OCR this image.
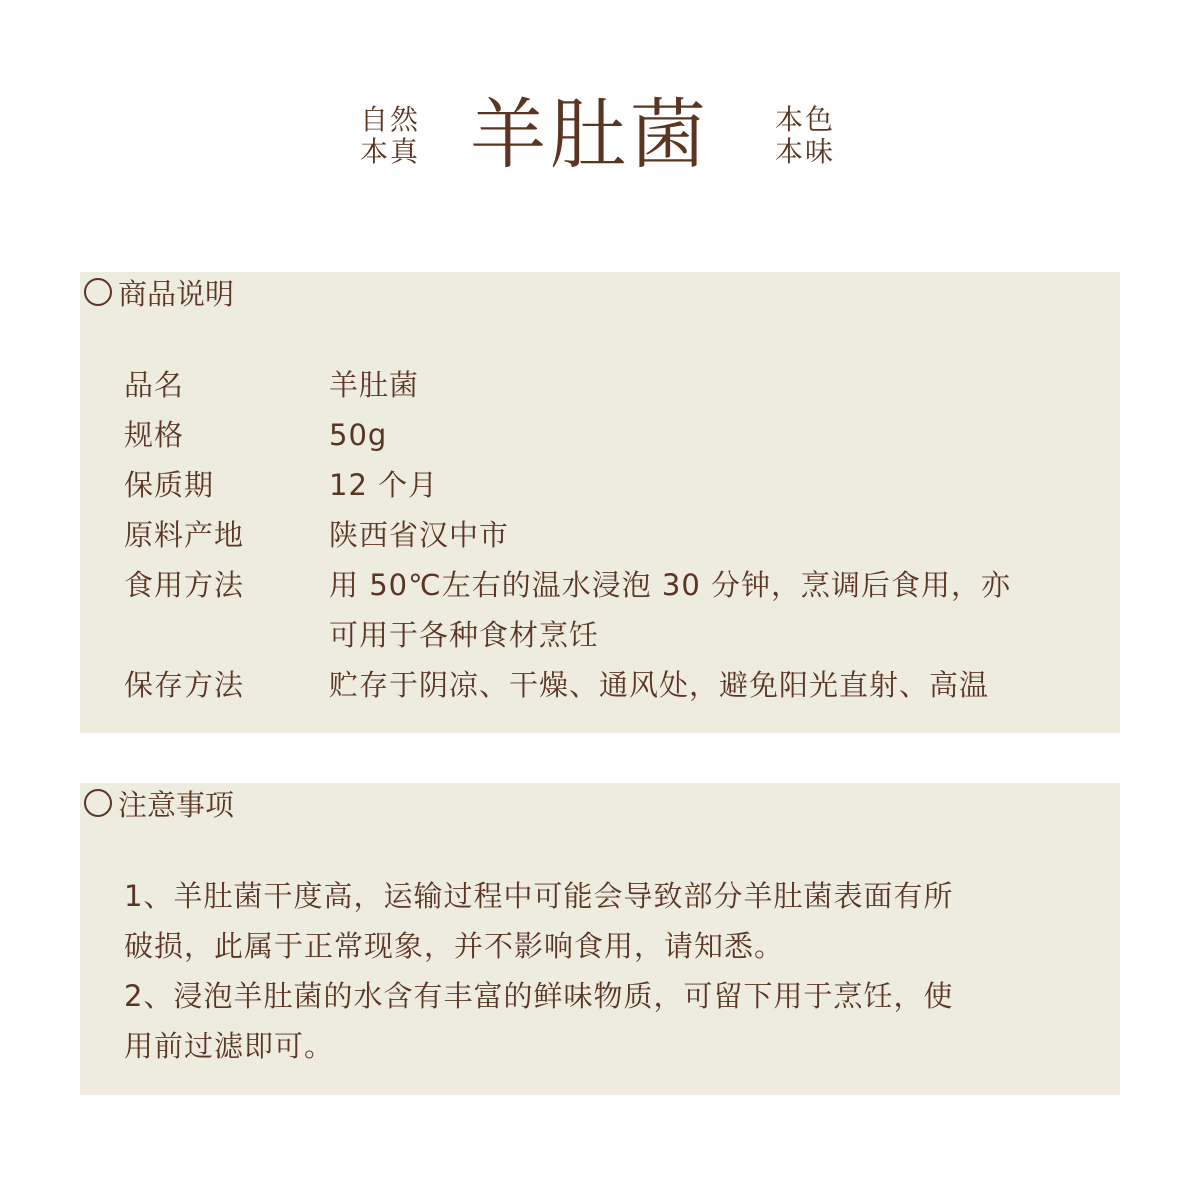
自然
本真 羊肚菌	本色
本味
商品说明
品名	羊肚菌
规格	50g
保质期	12 个月
原料产地	陕西省汉中市
食用方法	用 50℃左右的温水浸泡 30 分钟，烹调后食用，亦
可用于各种食材烹饪
保存方法	贮存于阴凉、干燥、通风处，避免阳光直射、高温
注意事项
1、羊肚菌干度高，运输过程中可能会导致部分羊肚菌表面有所
破损，此属于正常现象，并不影响食用，请知悉。
2、浸泡羊肚菌的水含有丰富的鲜味物质，可留下用于烹饪，使
用前过滤即可。
